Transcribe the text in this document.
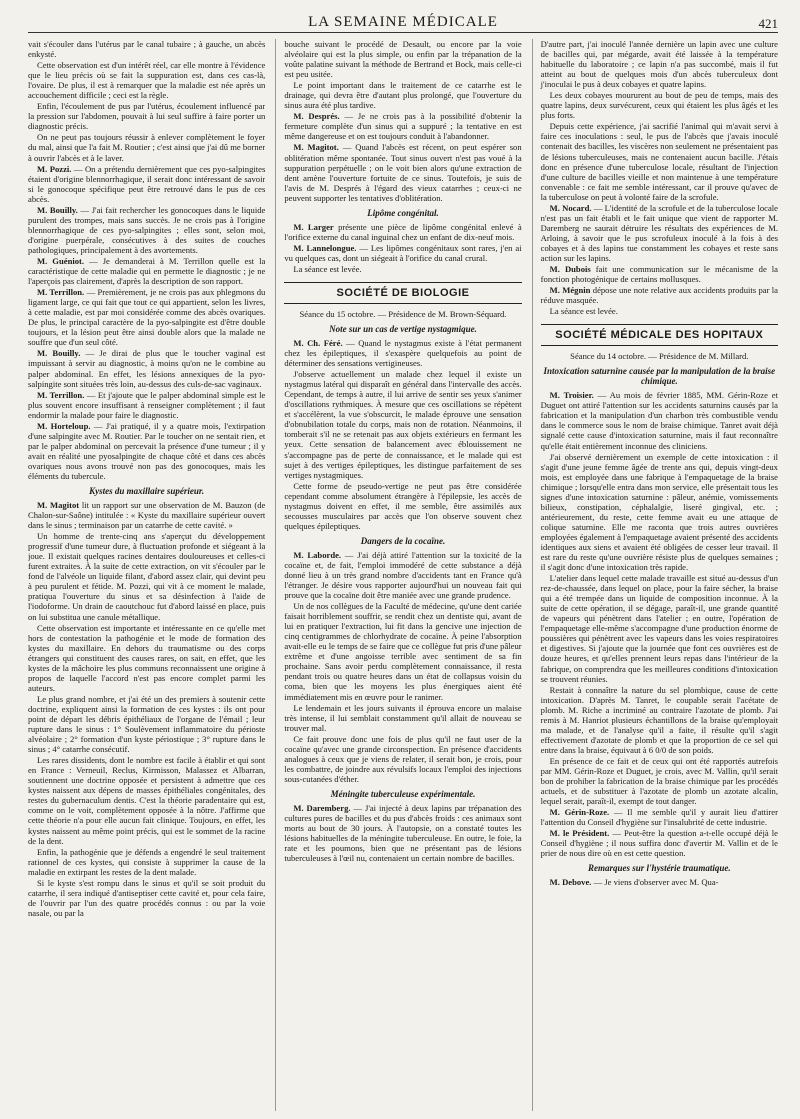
LA SEMAINE MÉDICALE	421

vait s'écouler dans l'utérus par le canal tubaire ; à gauche, un abcès enkysté.

Cette observation est d'un intérêt réel, car elle montre à l'évidence que le lieu précis où se fait la suppuration est, dans ces cas-là, l'ovaire. De plus, il est à remarquer que la maladie est née après un accouchement difficile ; ceci est la règle.

Enfin, l'écoulement de pus par l'utérus, écoulement influencé par la pression sur l'abdomen, pouvait à lui seul suffire à faire porter un diagnostic précis.

On ne peut pas toujours réussir à enlever complètement le foyer du mal, ainsi que l'a fait M. Routier ; c'est ainsi que j'ai dû me borner à ouvrir l'abcès et à le laver.

M. Pozzi. — On a prétendu dernièrement que ces pyo-salpingites étaient d'origine blennorrhagique, il serait donc intéressant de savoir si le gonocoque spécifique peut être retrouvé dans le pus de ces abcès.

M. Bouilly. — J'ai fait rechercher les gonocoques dans le liquide purulent des trompes, mais sans succès. Je ne crois pas à l'origine blennorrhagique de ces pyo-salpingites ; elles sont, selon moi, d'origine puerpérale, consécutives à des suites de couches pathologiques, principalement à des avortements.

M. Guéniot. — Je demanderai à M. Terrillon quelle est la caractéristique de cette maladie qui en permette le diagnostic ; je ne l'aperçois pas clairement, d'après la description de son rapport.

M. Terrillon. — Premièrement, je ne crois pas aux phlegmons du ligament large, ce qui fait que tout ce qui appartient, selon les livres, à cette maladie, est par moi considérée comme des abcès ovariques. De plus, le principal caractère de la pyo-salpingite est d'être double toujours, et la lésion peut être ainsi double alors que la malade ne souffre que d'un seul côté.

M. Bouilly. — Je dirai de plus que le toucher vaginal est impuissant à servir au diagnostic, à moins qu'on ne le combine au palper abdominal. En effet, les lésions annexiques de la pyo-salpingite sont situées très loin, au-dessus des culs-de-sac vaginaux.

M. Terrillon. — Et j'ajoute que le palper abdominal simple est le plus souvent encore insuffisant à renseigner complètement ; il faut endormir la malade pour faire le diagnostic.

M. Horteloup. — J'ai pratiqué, il y a quatre mois, l'extirpation d'une salpingite avec M. Routier. Par le toucher on ne sentait rien, et par le palper abdominal on percevait la présence d'une tumeur ; il y avait en réalité une pyosalpingite de chaque côté et dans ces abcès ovariques nous avons trouvé non pas des gonocoques, mais les éléments du tubercule.

Kystes du maxillaire supérieur.

M. Magitot lit un rapport sur une observation de M. Bauzon (de Chalon-sur-Saône) intitulée : « Kyste du maxillaire supérieur ouvert dans le sinus ; terminaison par un catarrhe de cette cavité. »

Un homme de trente-cinq ans s'aperçut du développement progressif d'une tumeur dure, à fluctuation profonde et siégeant à la joue. Il existait quelques racines dentaires douloureuses et celles-ci furent extraites. À la suite de cette extraction, on vit s'écouler par le fond de l'alvéole un liquide filant, d'abord assez clair, qui devint peu à peu purulent et fétide. M. Pozzi, qui vit à ce moment le malade, pratiqua l'ouverture du sinus et sa désinfection à l'aide de l'iodoforme. Un drain de caoutchouc fut d'abord laissé en place, puis on lui substitua une canule métallique.

Cette observation est importante et intéressante en ce qu'elle met hors de contestation la pathogénie et le mode de formation des kystes du maxillaire. En dehors du traumatisme ou des corps étrangers qui constituent des causes rares, on sait, en effet, que les kystes de la mâchoire les plus communs reconnaissent une origine à propos de laquelle l'accord n'est pas encore complet parmi les auteurs.

Le plus grand nombre, et j'ai été un des premiers à soutenir cette doctrine, expliquent ainsi la formation de ces kystes : ils ont pour point de départ les débris épithéliaux de l'organe de l'émail ; leur rupture dans le sinus : 1° Soulèvement inflammatoire du périoste alvéolaire ; 2° formation d'un kyste périostique ; 3° rupture dans le sinus ; 4° catarrhe consécutif.

Les rares dissidents, dont le nombre est facile à établir et qui sont en France : Verneuil, Reclus, Kirmisson, Malassez et Albarran, soutiennent une doctrine opposée et persistent à admettre que ces kystes naissent aux dépens de masses épithéliales congénitales, des restes du gubernaculum dentis. C'est la théorie paradentaire qui est, comme on le voit, complètement opposée à la nôtre. J'affirme que cette théorie n'a pour elle aucun fait clinique. Toujours, en effet, les kystes naissent au même point précis, qui est le sommet de la racine de la dent.

Enfin, la pathogénie que je défends a engendré le seul traitement rationnel de ces kystes, qui consiste à supprimer la cause de la maladie en extirpant les restes de la dent malade.

Si le kyste s'est rompu dans le sinus et qu'il se soit produit du catarrhe, il sera indiqué d'antiseptiser cette cavité et, pour cela faire, de l'ouvrir par l'un des quatre procédés connus : ou par la voie nasale, ou par la

bouche suivant le procédé de Desault, ou encore par la voie alvéolaire qui est la plus simple, ou enfin par la trépanation de la voûte palatine suivant la méthode de Bertrand et Bock, mais celle-ci est peu usitée.

Le point important dans le traitement de ce catarrhe est le drainage, qui devra être d'autant plus prolongé, que l'ouverture du sinus aura été plus tardive.

M. Després. — Je ne crois pas à la possibilité d'obtenir la fermeture complète d'un sinus qui a suppuré ; la tentative en est même dangereuse et on est toujours conduit à l'abandonner.

M. Magitot. — Quand l'abcès est récent, on peut espérer son oblitération même spontanée. Tout sinus ouvert n'est pas voué à la suppuration perpétuelle ; on le voit bien alors qu'une extraction de dent amène l'ouverture fortuite de ce sinus. Toutefois, je suis de l'avis de M. Després à l'égard des vieux catarrhes ; ceux-ci ne peuvent supporter les tentatives d'oblitération.

Lipôme congénital.

M. Larger présente une pièce de lipôme congénital enlevé à l'orifice externe du canal inguinal chez un enfant de dix-neuf mois.

M. Lannelongue. — Les lipômes congénitaux sont rares, j'en ai vu quelques cas, dont un siégeait à l'orifice du canal crural.

La séance est levée.

SOCIÉTÉ DE BIOLOGIE
Séance du 15 octobre. — Présidence de M. Brown-Séquard.
Note sur un cas de vertige nystagmique.

M. Ch. Féré. — Quand le nystagmus existe à l'état permanent chez les épileptiques, il s'exaspère quelquefois au point de déterminer des sensations vertigineuses.

J'observe actuellement un malade chez lequel il existe un nystagmus latéral qui disparaît en général dans l'intervalle des accès. Cependant, de temps à autre, il lui arrive de sentir ses yeux s'animer d'oscillations rythmiques. À mesure que ces oscillations se répètent et s'accélèrent, la vue s'obscurcit, le malade éprouve une sensation d'obnubilation totale du corps, mais non de rotation. Néanmoins, il tomberait s'il ne se retenait pas aux objets extérieurs en fermant les yeux. Cette sensation de balancement avec éblouissement ne s'accompagne pas de perte de connaissance, et le malade qui est sujet à des vertiges épileptiques, les distingue parfaitement de ses vertiges nystagmiques.

Cette forme de pseudo-vertige ne peut pas être considérée cependant comme absolument étrangère à l'épilepsie, les accès de nystagmus doivent en effet, il me semble, être assimilés aux secousses musculaires par accès que l'on observe souvent chez quelques épileptiques.

Dangers de la cocaïne.

M. Laborde. — J'ai déjà attiré l'attention sur la toxicité de la cocaïne et, de fait, l'emploi immodéré de cette substance a déjà donné lieu à un très grand nombre d'accidents tant en France qu'à l'étranger. Je désire vous rapporter aujourd'hui un nouveau fait qui prouve que la cocaïne doit être maniée avec une grande prudence.

Un de nos collègues de la Faculté de médecine, qu'une dent cariée faisait horriblement souffrir, se rendit chez un dentiste qui, avant de lui en pratiquer l'extraction, lui fit dans la gencive une injection de cinq centigrammes de chlorhydrate de cocaïne. À peine l'absorption avait-elle eu le temps de se faire que ce collègue fut pris d'une pâleur extrême et d'une angoisse terrible avec sentiment de sa fin prochaine. Sans avoir perdu complètement connaissance, il resta pendant trois ou quatre heures dans un état de collapsus voisin du coma, bien que les moyens les plus énergiques aient été immédiatement mis en œuvre pour le ranimer.

Le lendemain et les jours suivants il éprouva encore un malaise très intense, il lui semblait constamment qu'il allait de nouveau se trouver mal.

Ce fait prouve donc une fois de plus qu'il ne faut user de la cocaïne qu'avec une grande circonspection. En présence d'accidents analogues à ceux que je viens de relater, il serait bon, je crois, pour les combattre, de joindre aux révulsifs locaux l'emploi des injections sous-cutanées d'éther.

Méningite tuberculeuse expérimentale.

M. Daremberg. — J'ai injecté à deux lapins par trépanation des cultures pures de bacilles et du pus d'abcès froids : ces animaux sont morts au bout de 30 jours. À l'autopsie, on a constaté toutes les lésions habituelles de la méningite tuberculeuse. En outre, le foie, la rate et les poumons, bien que ne présentant pas de lésions tuberculeuses à l'œil nu, contenaient un certain nombre de bacilles.

D'autre part, j'ai inoculé l'année dernière un lapin avec une culture de bacilles qui, par mégarde, avait été laissée à la température habituelle du laboratoire ; ce lapin n'a pas succombé, mais il fut atteint au bout de quelques mois d'un abcès tuberculeux dont j'inoculai le pus à deux cobayes et quatre lapins.

Les deux cobayes moururent au bout de peu de temps, mais des quatre lapins, deux survécurent, ceux qui étaient les plus âgés et les plus forts.

Depuis cette expérience, j'ai sacrifié l'animal qui m'avait servi à faire ces inoculations : seul, le pus de l'abcès que j'avais inoculé contenait des bacilles, les viscères non seulement ne présentaient pas de lésions tuberculeuses, mais ne contenaient aucun bacille. J'étais donc en présence d'une tuberculose locale, résultant de l'injection d'une culture de bacilles vieille et non maintenue à une température convenable : ce fait me semble intéressant, car il prouve qu'avec de la tuberculose on peut à volonté faire de la scrofule.

M. Nocard. — L'identité de la scrofule et de la tuberculose locale n'est pas un fait établi et le fait unique que vient de rapporter M. Daremberg ne saurait détruire les résultats des expériences de M. Arloing, à savoir que le pus scrofuleux inoculé à la fois à des cobayes et à des lapins tue constamment les cobayes et reste sans action sur les lapins.

M. Dubois fait une communication sur le mécanisme de la fonction photogénique de certains mollusques.

M. Mégnin dépose une note relative aux accidents produits par la réduve masquée.

La séance est levée.

SOCIÉTÉ MÉDICALE DES HOPITAUX
Séance du 14 octobre. — Présidence de M. Millard.
Intoxication saturnine causée par la manipulation de la braise chimique.

M. Troisier. — Au mois de février 1885, MM. Gérin-Roze et Duguet ont attiré l'attention sur les accidents saturnins causés par la fabrication et la manipulation d'un charbon très combustible vendu dans le commerce sous le nom de braise chimique. Tanret avait déjà signalé cette cause d'intoxication saturnine, mais il faut reconnaître qu'elle était entièrement inconnue des cliniciens.

J'ai observé dernièrement un exemple de cette intoxication : il s'agit d'une jeune femme âgée de trente ans qui, depuis vingt-deux mois, est employée dans une fabrique à l'empaquetage de la braise chimique ; lorsqu'elle entra dans mon service, elle présentait tous les signes d'une intoxication saturnine : pâleur, anémie, vomissements bilieux, constipation, céphalalgie, liseré gingival, etc. ; antérieurement, du reste, cette femme avait eu une attaque de colique saturnine. Elle me raconta que trois autres ouvrières employées également à l'empaquetage avaient présenté des accidents identiques aux siens et avaient été obligées de cesser leur travail. Il est rare du reste qu'une ouvrière résiste plus de quelques semaines ; il s'agit donc d'une intoxication très rapide.

L'atelier dans lequel cette malade travaille est situé au-dessus d'un rez-de-chaussée, dans lequel on place, pour la faire sécher, la braise qui a été trempée dans un liquide de composition inconnue. À la suite de cette opération, il se dégage, paraît-il, une grande quantité de vapeurs qui pénètrent dans l'atelier ; en outre, l'opération de l'empaquetage elle-même s'accompagne d'une production énorme de poussières qui pénètrent avec les vapeurs dans les voies respiratoires et digestives. Si j'ajoute que la journée que font ces ouvrières est de douze heures, et qu'elles prennent leurs repas dans l'intérieur de la fabrique, on comprendra que les meilleures conditions d'intoxication se trouvent réunies.

Restait à connaître la nature du sel plombique, cause de cette intoxication. D'après M. Tanret, le coupable serait l'acétate de plomb. M. Riche a incriminé au contraire l'azotate de plomb. J'ai remis à M. Hanriot plusieurs échantillons de la braise qu'employait ma malade, et de l'analyse qu'il a faite, il résulte qu'il s'agit effectivement d'azotate de plomb et que la proportion de ce sel qui entre dans la braise, équivaut à 6 0/0 de son poids.

En présence de ce fait et de ceux qui ont été rapportés autrefois par MM. Gérin-Roze et Duguet, je crois, avec M. Vallin, qu'il serait bon de prohiber la fabrication de la braise chimique par les procédés actuels, et de substituer à l'azotate de plomb un azotate alcalin, lequel serait, paraît-il, exempt de tout danger.

M. Gérin-Roze. — Il me semble qu'il y aurait lieu d'attirer l'attention du Conseil d'hygiène sur l'insalubrité de cette industrie.

M. le Président. — Peut-être la question a-t-elle occupé déjà le Conseil d'hygiène ; il nous suffira donc d'avertir M. Vallin et de le prier de nous dire où en est cette question.

Remarques sur l'hystérie traumatique.

M. Debove. — Je viens d'observer avec M. Qua-
